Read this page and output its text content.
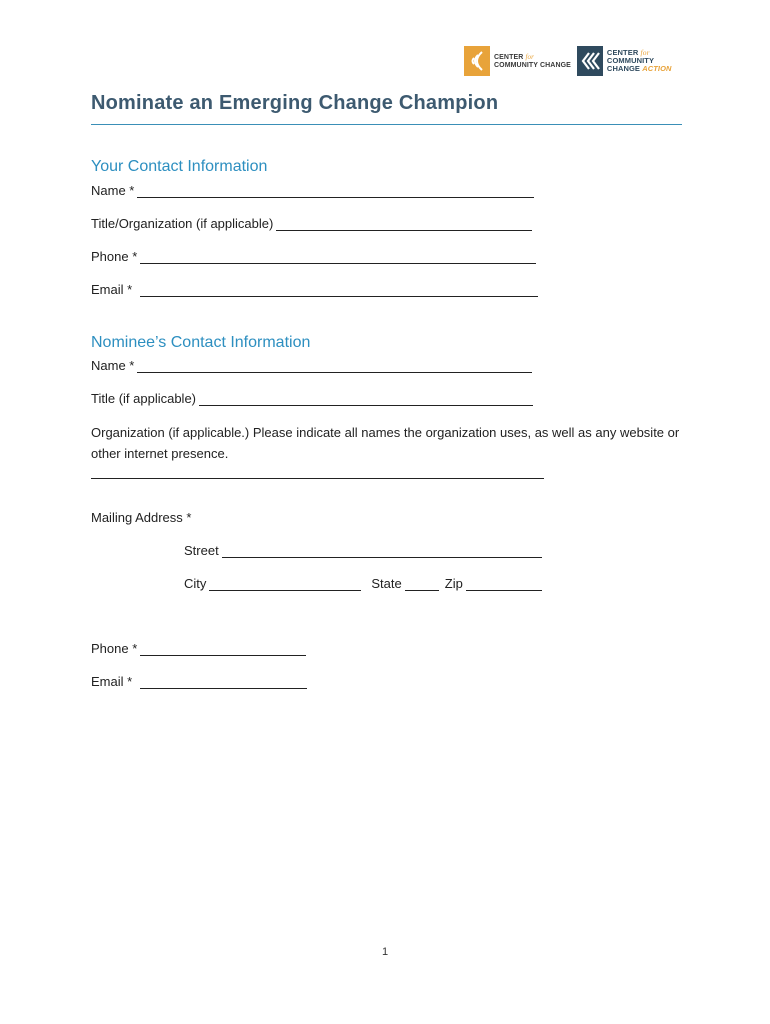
CENTER for
COMMUNITY CHANGE
CENTER for
COMMUNITY
CHANGE ACTION
Nominate an Emerging Change Champion
Your Contact Information
Name *
Title/Organization (if applicable)
Phone *
Email *
Nominee’s Contact Information
Name *
Title (if applicable)
Organization (if applicable.) Please indicate all names the organization uses, as well as any website or other internet presence.
Mailing Address *
Street
City	State	Zip
Phone *
Email *
1
